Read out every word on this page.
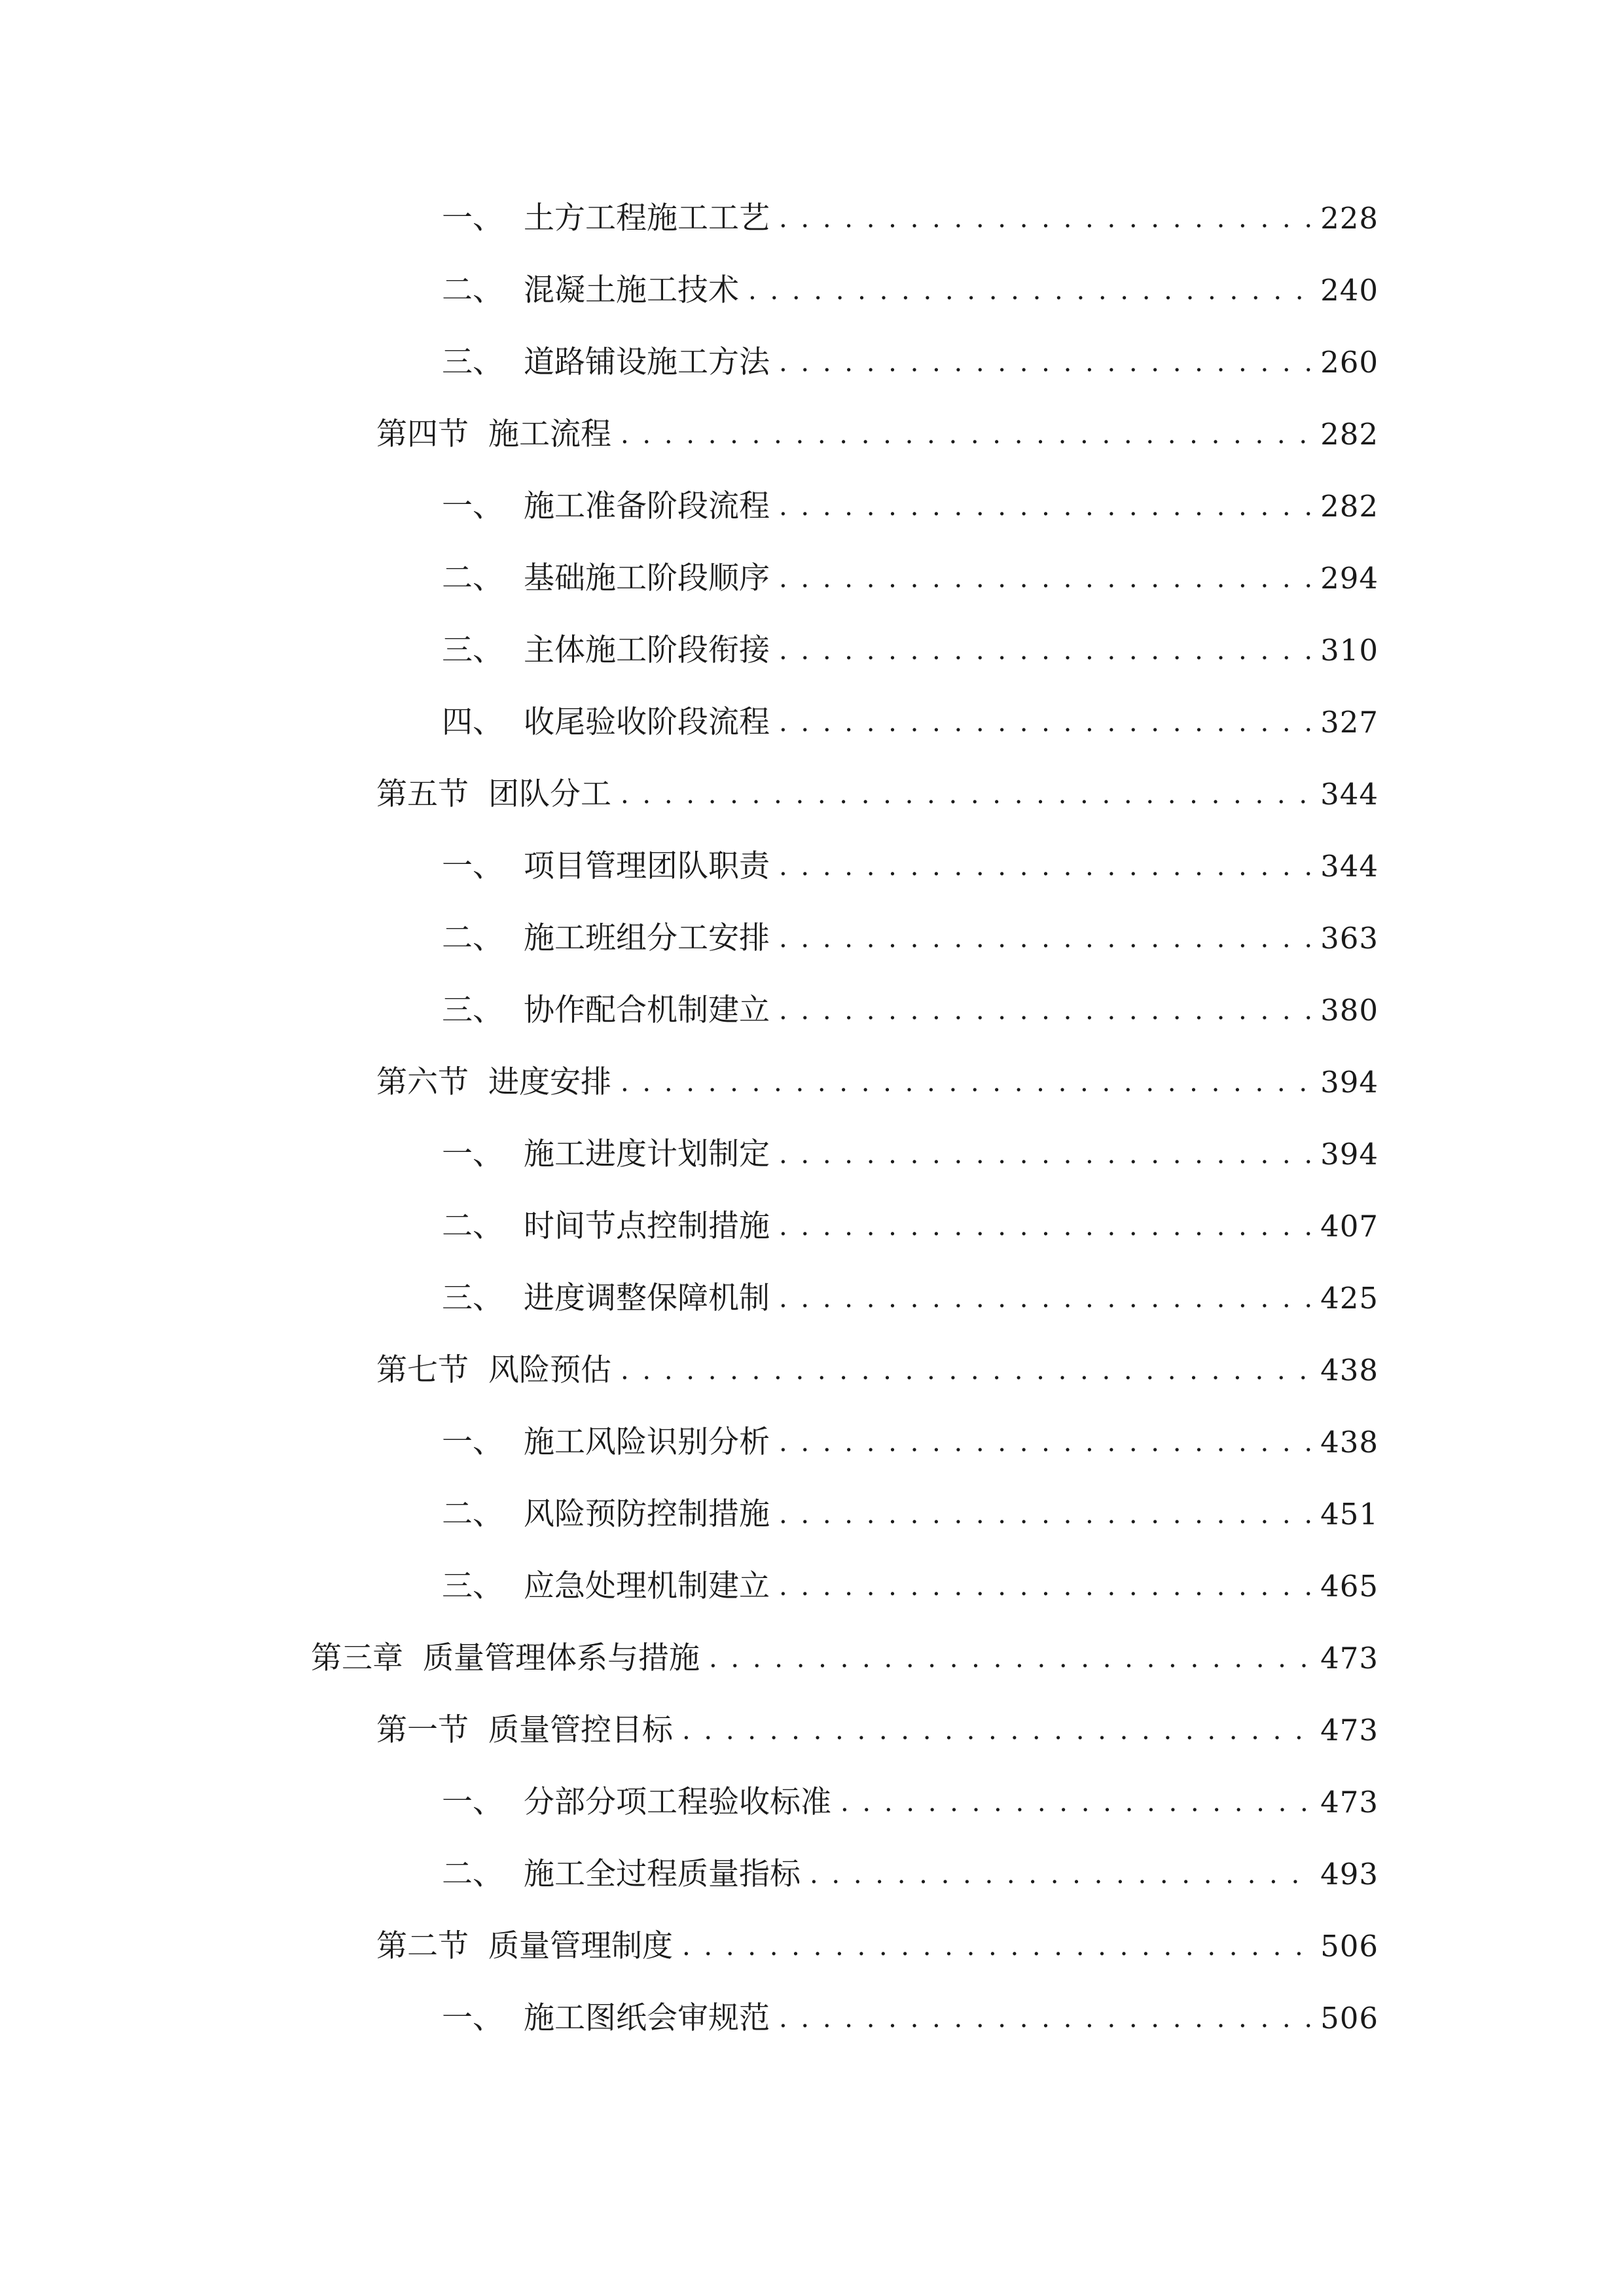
一、 土方工程施工工艺 . . .	228
二、 混凝土施工技术 . . .	240
三、 道路铺设施工方法 . . .	260
第四节 施工流程 . . .	282
一、 施工准备阶段流程 . . .	282
二、 基础施工阶段顺序 . . .	294
三、 主体施工阶段衔接 . . .	310
四、 收尾验收阶段流程 . . .	327
第五节 团队分工 . . .	344
一、 项目管理团队职责 . . .	344
二、 施工班组分工安排 . . .	363
三、 协作配合机制建立 . . .	380
第六节 进度安排 . . .	394
一、 施工进度计划制定 . . .	394
二、 时间节点控制措施 . . .	407
三、 进度调整保障机制 . . .	425
第七节 风险预估 . . .	438
一、 施工风险识别分析 . . .	438
二、 风险预防控制措施 . . .	451
三、 应急处理机制建立 . . .	465
第三章 质量管理体系与措施 . . .	473
第一节 质量管控目标 . . .	473
一、 分部分项工程验收标准 . . .	473
二、 施工全过程质量指标 . . .	493
第二节 质量管理制度 . . .	506
一、 施工图纸会审规范 . . .	506
